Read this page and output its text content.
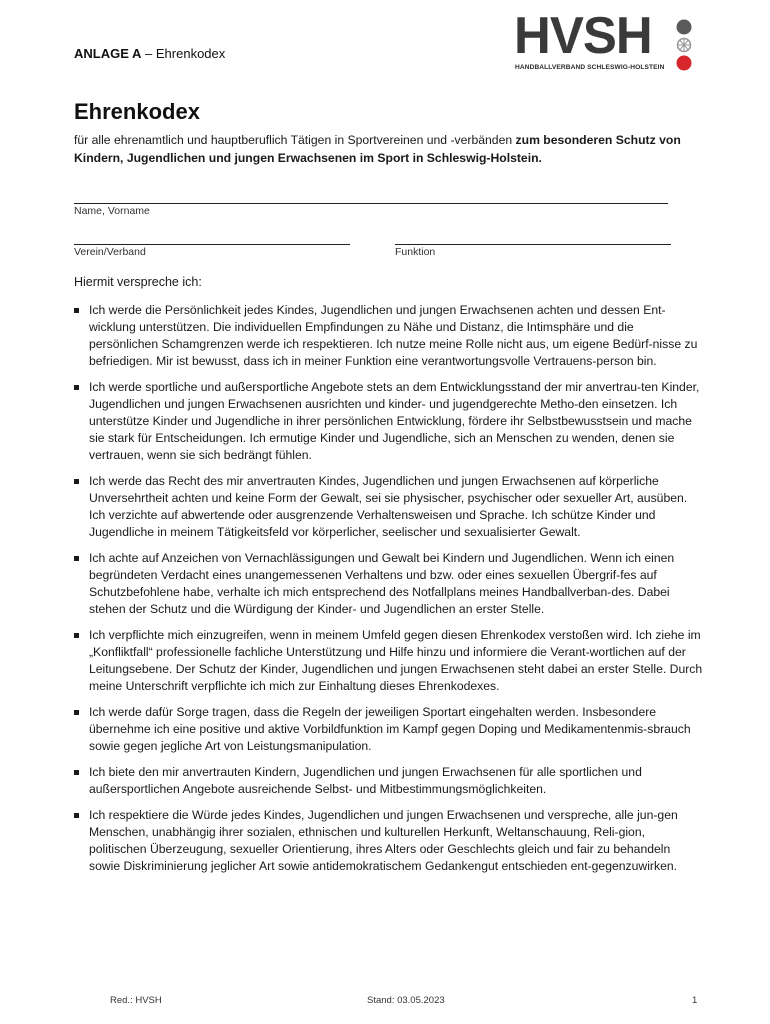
ANLAGE A – Ehrenkodex	HVSH
HANDBALLVERBAND SCHLESWIG-HOLSTEIN
Ehrenkodex

für alle ehrenamtlich und hauptberuflich Tätigen in Sportvereinen und -verbänden zum besonderen Schutz von Kindern, Jugendlichen und jungen Erwachsenen im Sport in Schleswig-Holstein.

Name, Vorname
Verein/Verband	Funktion

Hiermit verspreche ich:

Ich werde die Persönlichkeit jedes Kindes, Jugendlichen und jungen Erwachsenen achten und dessen Ent-wicklung unterstützen. Die individuellen Empfindungen zu Nähe und Distanz, die Intimsphäre und die persönlichen Schamgrenzen werde ich respektieren. Ich nutze meine Rolle nicht aus, um eigene Bedürf-nisse zu befriedigen. Mir ist bewusst, dass ich in meiner Funktion eine verantwortungsvolle Vertrauens-person bin.
Ich werde sportliche und außersportliche Angebote stets an dem Entwicklungsstand der mir anvertrau-ten Kinder, Jugendlichen und jungen Erwachsenen ausrichten und kinder- und jugendgerechte Metho-den einsetzen. Ich unterstütze Kinder und Jugendliche in ihrer persönlichen Entwicklung, fördere ihr Selbstbewusstsein und mache sie stark für Entscheidungen. Ich ermutige Kinder und Jugendliche, sich an Menschen zu wenden, denen sie vertrauen, wenn sie sich bedrängt fühlen.
Ich werde das Recht des mir anvertrauten Kindes, Jugendlichen und jungen Erwachsenen auf körperliche Unversehrtheit achten und keine Form der Gewalt, sei sie physischer, psychischer oder sexueller Art, ausüben. Ich verzichte auf abwertende oder ausgrenzende Verhaltensweisen und Sprache. Ich schütze Kinder und Jugendliche in meinem Tätigkeitsfeld vor körperlicher, seelischer und sexualisierter Gewalt.
Ich achte auf Anzeichen von Vernachlässigungen und Gewalt bei Kindern und Jugendlichen. Wenn ich einen begründeten Verdacht eines unangemessenen Verhaltens und bzw. oder eines sexuellen Übergrif-fes auf Schutzbefohlene habe, verhalte ich mich entsprechend des Notfallplans meines Handballverban-des. Dabei stehen der Schutz und die Würdigung der Kinder- und Jugendlichen an erster Stelle.
Ich verpflichte mich einzugreifen, wenn in meinem Umfeld gegen diesen Ehrenkodex verstoßen wird. Ich ziehe im „Konfliktfall“ professionelle fachliche Unterstützung und Hilfe hinzu und informiere die Verant-wortlichen auf der Leitungsebene. Der Schutz der Kinder, Jugendlichen und jungen Erwachsenen steht dabei an erster Stelle. Durch meine Unterschrift verpflichte ich mich zur Einhaltung dieses Ehrenkodexes.
Ich werde dafür Sorge tragen, dass die Regeln der jeweiligen Sportart eingehalten werden. Insbesondere übernehme ich eine positive und aktive Vorbildfunktion im Kampf gegen Doping und Medikamentenmis-sbrauch sowie gegen jegliche Art von Leistungsmanipulation.
Ich biete den mir anvertrauten Kindern, Jugendlichen und jungen Erwachsenen für alle sportlichen und außersportlichen Angebote ausreichende Selbst- und Mitbestimmungsmöglichkeiten.
Ich respektiere die Würde jedes Kindes, Jugendlichen und jungen Erwachsenen und verspreche, alle jun-gen Menschen, unabhängig ihrer sozialen, ethnischen und kulturellen Herkunft, Weltanschauung, Reli-gion, politischen Überzeugung, sexueller Orientierung, ihres Alters oder Geschlechts gleich und fair zu behandeln sowie Diskriminierung jeglicher Art sowie antidemokratischem Gedankengut entschieden ent-gegenzuwirken.
Red.: HVSH	Stand: 03.05.2023	1
